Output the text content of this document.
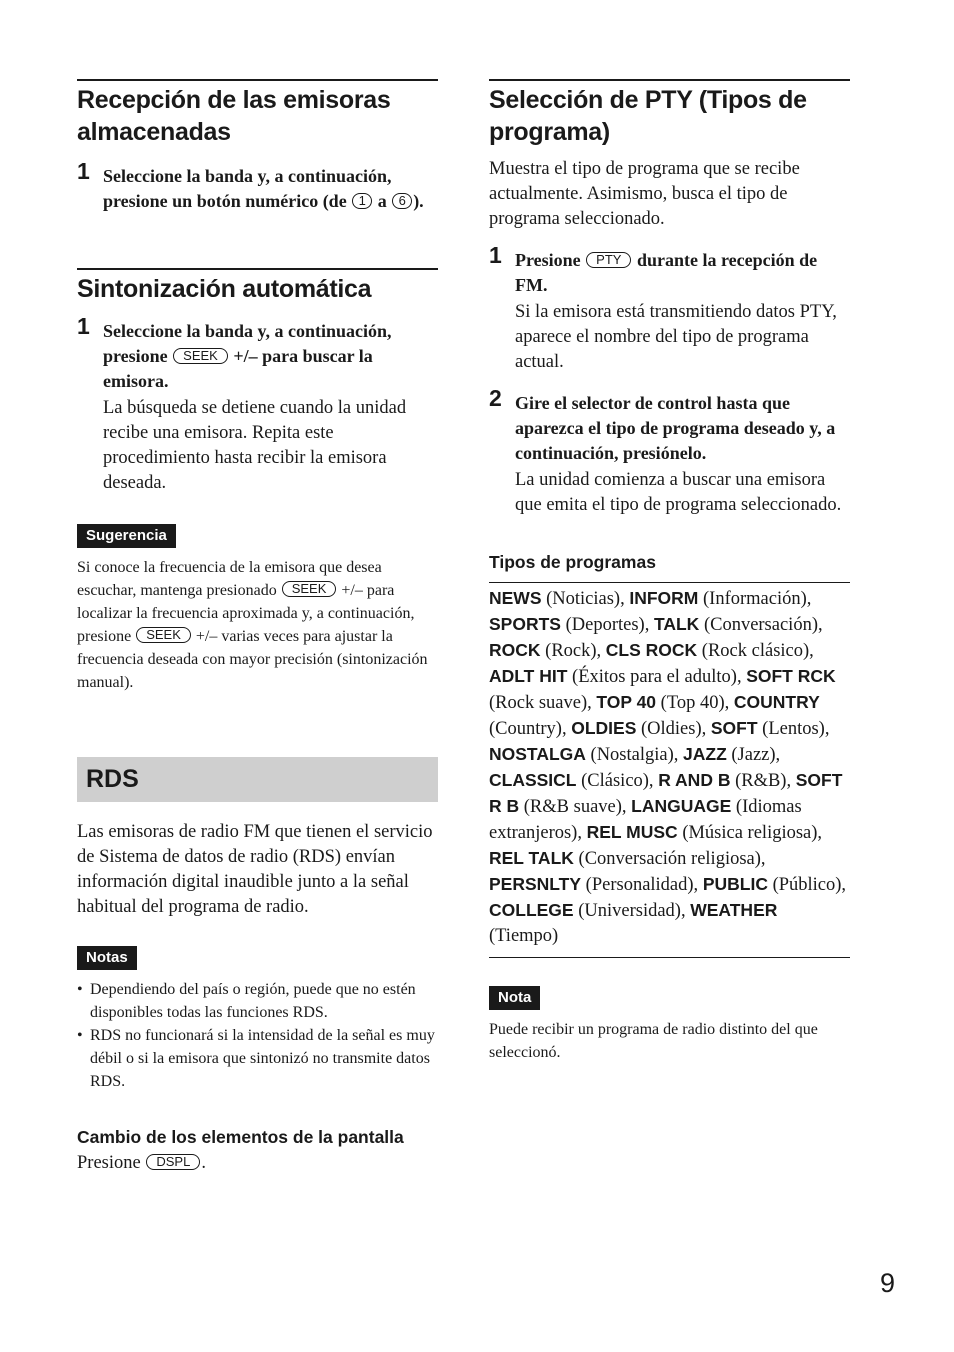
Recepción de las emisoras almacenadas
1 Seleccione la banda y, a continuación, presione un botón numérico (de 1 a 6 ).
Sintonización automática
1 Seleccione la banda y, a continuación, presione SEEK +/– para buscar la emisora.
La búsqueda se detiene cuando la unidad recibe una emisora. Repita este procedimiento hasta recibir la emisora deseada.
Sugerencia
Si conoce la frecuencia de la emisora que desea escuchar, mantenga presionado SEEK +/– para localizar la frecuencia aproximada y, a continuación, presione SEEK +/– varias veces para ajustar la frecuencia deseada con mayor precisión (sintonización manual).
RDS
Las emisoras de radio FM que tienen el servicio de Sistema de datos de radio (RDS) envían información digital inaudible junto a la señal habitual del programa de radio.
Notas
• Dependiendo del país o región, puede que no estén disponibles todas las funciones RDS.
• RDS no funcionará si la intensidad de la señal es muy débil o si la emisora que sintonizó no transmite datos RDS.
Cambio de los elementos de la pantalla
Presione DSPL .
Selección de PTY (Tipos de programa)
Muestra el tipo de programa que se recibe actualmente. Asimismo, busca el tipo de programa seleccionado.
1 Presione PTY durante la recepción de FM.
Si la emisora está transmitiendo datos PTY, aparece el nombre del tipo de programa actual.
2 Gire el selector de control hasta que aparezca el tipo de programa deseado y, a continuación, presiónelo.
La unidad comienza a buscar una emisora que emita el tipo de programa seleccionado.
Tipos de programas
NEWS (Noticias), INFORM (Información), SPORTS (Deportes), TALK (Conversación), ROCK (Rock), CLS ROCK (Rock clásico), ADLT HIT (Éxitos para el adulto), SOFT RCK (Rock suave), TOP 40 (Top 40), COUNTRY (Country), OLDIES (Oldies), SOFT (Lentos), NOSTALGA (Nostalgia), JAZZ (Jazz), CLASSICL (Clásico), R AND B (R&B), SOFT R B (R&B suave), LANGUAGE (Idiomas extranjeros), REL MUSC (Música religiosa), REL TALK (Conversación religiosa), PERSNLTY (Personalidad), PUBLIC (Público), COLLEGE (Universidad), WEATHER (Tiempo)
Nota
Puede recibir un programa de radio distinto del que seleccionó.
9
